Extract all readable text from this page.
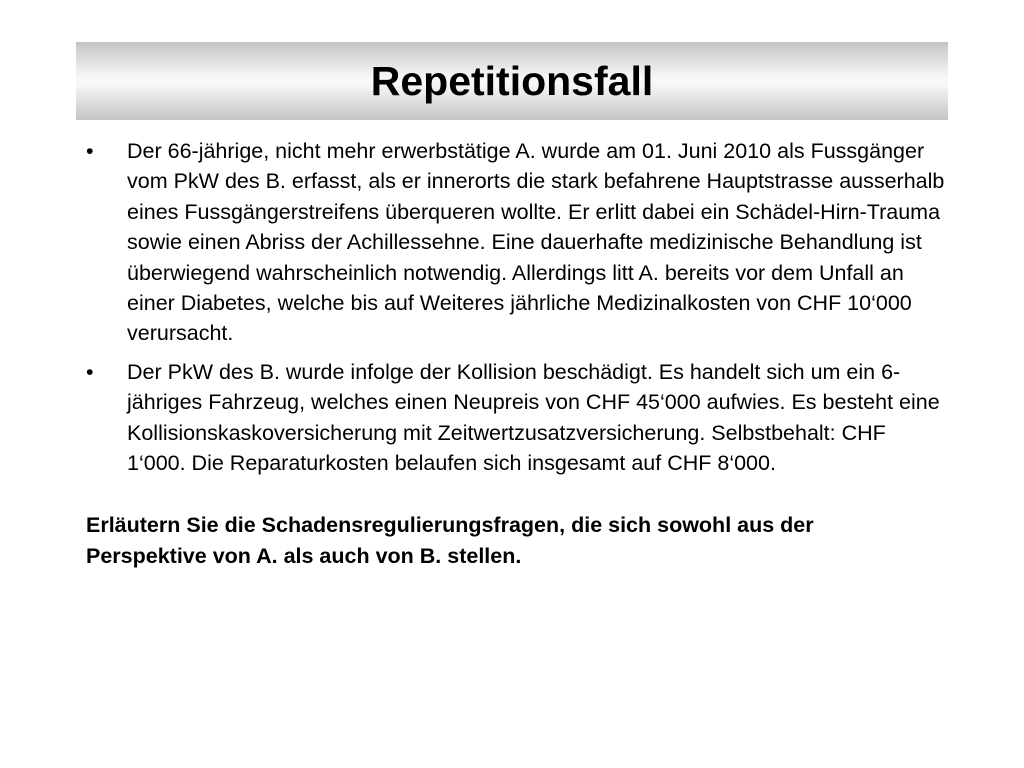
Repetitionsfall
•	Der 66-jährige, nicht mehr erwerbstätige A. wurde am 01. Juni 2010 als Fussgänger vom PkW des B. erfasst, als er innerorts die stark befahrene Hauptstrasse ausserhalb eines Fussgängerstreifens überqueren wollte. Er erlitt dabei ein Schädel-Hirn-Trauma sowie einen Abriss der Achillessehne. Eine dauerhafte medizinische Behandlung ist überwiegend wahrscheinlich notwendig. Allerdings litt A. bereits vor dem Unfall an einer Diabetes, welche bis auf Weiteres jährliche Medizinalkosten von CHF 10‘000 verursacht.
•	Der PkW des B. wurde infolge der Kollision beschädigt. Es handelt sich um ein 6-jähriges Fahrzeug, welches einen Neupreis von CHF 45‘000 aufwies. Es besteht eine Kollisionskaskoversicherung mit Zeitwertzusatzversicherung. Selbstbehalt: CHF 1‘000. Die Reparaturkosten belaufen sich insgesamt auf CHF 8‘000.

Erläutern Sie die Schadensregulierungsfragen, die sich sowohl aus der Perspektive von A. als auch von B. stellen.
